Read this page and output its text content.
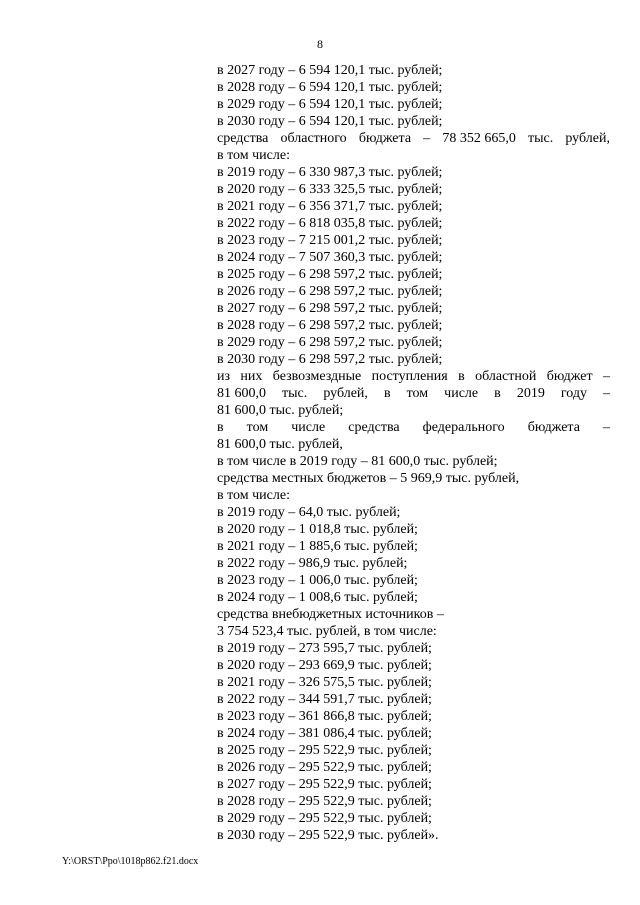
8
в 2027 году – 6 594 120,1 тыс. рублей;
в 2028 году – 6 594 120,1 тыс. рублей;
в 2029 году – 6 594 120,1 тыс. рублей;
в 2030 году – 6 594 120,1 тыс. рублей;
средства областного бюджета – 78 352 665,0 тыс. рублей,
в том числе:
в 2019 году – 6 330 987,3 тыс. рублей;
в 2020 году – 6 333 325,5 тыс. рублей;
в 2021 году – 6 356 371,7 тыс. рублей;
в 2022 году – 6 818 035,8 тыс. рублей;
в 2023 году – 7 215 001,2 тыс. рублей;
в 2024 году – 7 507 360,3 тыс. рублей;
в 2025 году – 6 298 597,2 тыс. рублей;
в 2026 году – 6 298 597,2 тыс. рублей;
в 2027 году – 6 298 597,2 тыс. рублей;
в 2028 году – 6 298 597,2 тыс. рублей;
в 2029 году – 6 298 597,2 тыс. рублей;
в 2030 году – 6 298 597,2 тыс. рублей;
из них безвозмездные поступления в областной бюджет –
81 600,0 тыс. рублей, в том числе в 2019 году –
81 600,0 тыс. рублей;
в том числе средства федерального бюджета –
81 600,0 тыс. рублей,
в том числе в 2019 году – 81 600,0 тыс. рублей;
средства местных бюджетов – 5 969,9 тыс. рублей,
в том числе:
в 2019 году – 64,0 тыс. рублей;
в 2020 году – 1 018,8 тыс. рублей;
в 2021 году – 1 885,6 тыс. рублей;
в 2022 году – 986,9 тыс. рублей;
в 2023 году – 1 006,0 тыс. рублей;
в 2024 году – 1 008,6 тыс. рублей;
средства внебюджетных источников –
3 754 523,4 тыс. рублей, в том числе:
в 2019 году – 273 595,7 тыс. рублей;
в 2020 году – 293 669,9 тыс. рублей;
в 2021 году – 326 575,5 тыс. рублей;
в 2022 году – 344 591,7 тыс. рублей;
в 2023 году – 361 866,8 тыс. рублей;
в 2024 году – 381 086,4 тыс. рублей;
в 2025 году – 295 522,9 тыс. рублей;
в 2026 году – 295 522,9 тыс. рублей;
в 2027 году – 295 522,9 тыс. рублей;
в 2028 году – 295 522,9 тыс. рублей;
в 2029 году – 295 522,9 тыс. рублей;
в 2030 году – 295 522,9 тыс. рублей».
Y:\ORST\Ppo\1018p862.f21.docx
